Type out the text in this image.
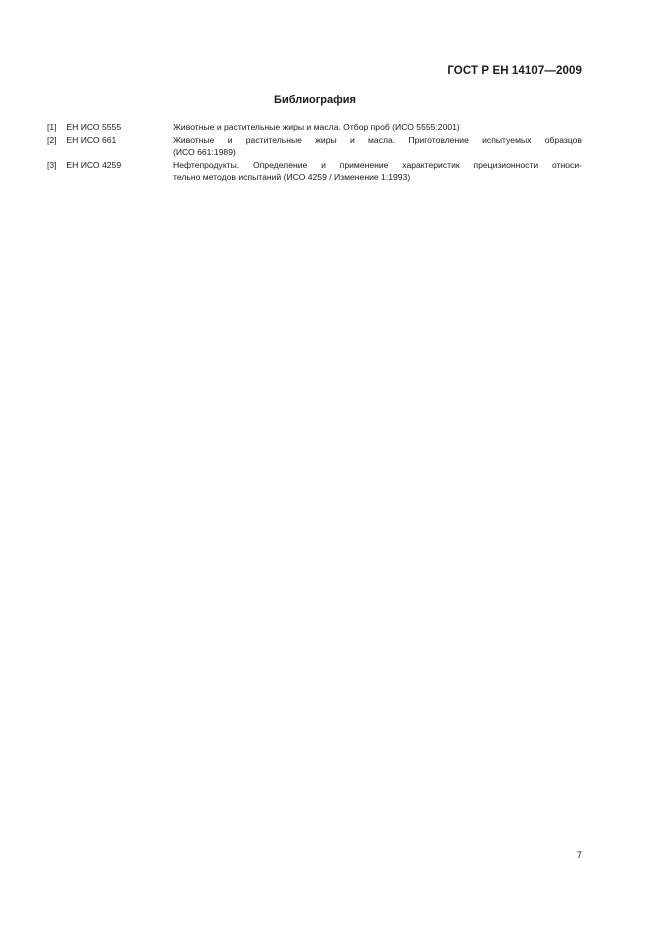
ГОСТ Р ЕН 14107—2009
Библиография
[1] ЕН ИСО 5555	Животные и растительные жиры и масла. Отбор проб (ИСО 5555:2001)
[2] ЕН ИСО 661	Животные и растительные жиры и масла. Приготовление испытуемых образцов
(ИСО 661:1989)
[3] ЕН ИСО 4259	Нефтепродукты. Определение и применение характеристик прецизионности относи-
тельно методов испытаний (ИСО 4259 / Изменение 1:1993)
7
